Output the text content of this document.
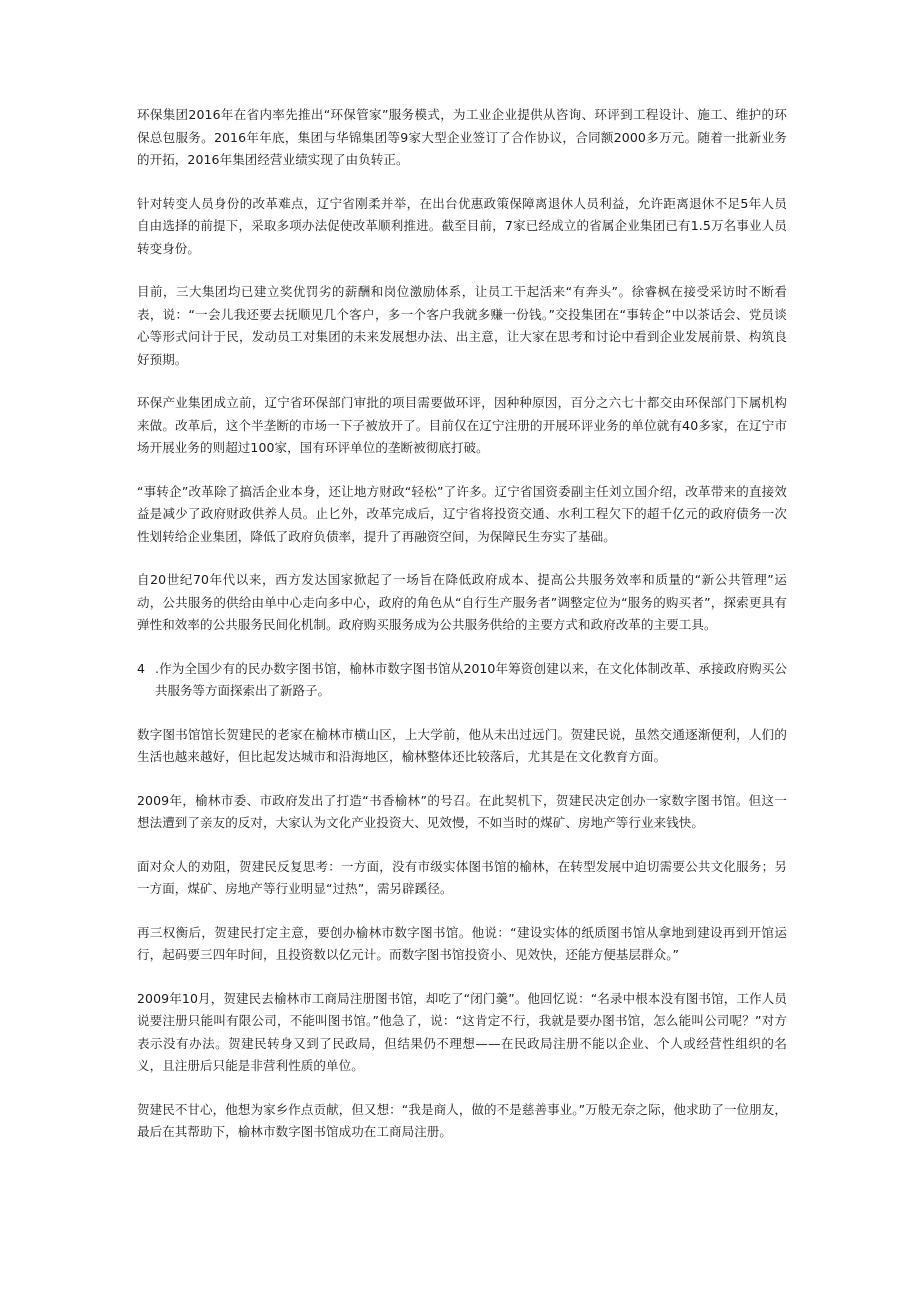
环保集团2016年在省内率先推出“环保管家”服务模式，为工业企业提供从咨询、环评到工程设计、施工、维护的环保总包服务。2016年年底，集团与华锦集团等9家大型企业签订了合作协议，合同额2000多万元。随着一批新业务的开拓，2016年集团经营业绩实现了由负转正。

针对转变人员身份的改革难点，辽宁省刚柔并举，在出台优惠政策保障离退休人员利益，允许距离退休不足5年人员自由选择的前提下，采取多项办法促使改革顺利推进。截至目前，7家已经成立的省属企业集团已有1.5万名事业人员转变身份。

目前，三大集团均已建立奖优罚劣的薪酬和岗位激励体系，让员工干起活来“有奔头”。徐睿枫在接受采访时不断看表，说：“一会儿我还要去抚顺见几个客户，多一个客户我就多赚一份钱。”交投集团在“事转企”中以茶话会、党员谈心等形式问计于民，发动员工对集团的未来发展想办法、出主意，让大家在思考和讨论中看到企业发展前景、构筑良好预期。

环保产业集团成立前，辽宁省环保部门审批的项目需要做环评，因种种原因，百分之六七十都交由环保部门下属机构来做。改革后，这个半垄断的市场一下子被放开了。目前仅在辽宁注册的开展环评业务的单位就有40多家，在辽宁市场开展业务的则超过100家，国有环评单位的垄断被彻底打破。

“事转企”改革除了搞活企业本身，还让地方财政“轻松”了许多。辽宁省国资委副主任刘立国介绍，改革带来的直接效益是减少了政府财政供养人员。止匕外，改革完成后，辽宁省将投资交通、水利工程欠下的超千亿元的政府债务一次性划转给企业集团，降低了政府负债率，提升了再融资空间，为保障民生夯实了基础。

自20世纪70年代以来，西方发达国家掀起了一场旨在降低政府成本、提高公共服务效率和质量的“新公共管理”运动，公共服务的供给由单中心走向多中心，政府的角色从“自行生产服务者”调整定位为“服务的购买者”，探索更具有弹性和效率的公共服务民间化机制。政府购买服务成为公共服务供给的主要方式和政府改革的主要工具。

4 .作为全国少有的民办数字图书馆，榆林市数字图书馆从2010年筹资创建以来，在文化体制改革、承接政府购买公共服务等方面探索出了新路子。

数字图书馆馆长贺建民的老家在榆林市横山区，上大学前，他从未出过远门。贺建民说，虽然交通逐渐便利，人们的生活也越来越好，但比起发达城市和沿海地区，榆林整体还比较落后，尤其是在文化教育方面。

2009年，榆林市委、市政府发出了打造“书香榆林”的号召。在此契机下，贺建民决定创办一家数字图书馆。但这一想法遭到了亲友的反对，大家认为文化产业投资大、见效慢，不如当时的煤矿、房地产等行业来钱快。

面对众人的劝阻，贺建民反复思考：一方面，没有市级实体图书馆的榆林，在转型发展中迫切需要公共文化服务；另一方面，煤矿、房地产等行业明显“过热”，需另辟蹊径。

再三权衡后，贺建民打定主意，要创办榆林市数字图书馆。他说：“建设实体的纸质图书馆从拿地到建设再到开馆运行，起码要三四年时间，且投资数以亿元计。而数字图书馆投资小、见效快，还能方便基层群众。”

2009年10月，贺建民去榆林市工商局注册图书馆，却吃了“闭门羹”。他回忆说：“名录中根本没有图书馆，工作人员说要注册只能叫有限公司，不能叫图书馆。”他急了，说：“这肯定不行，我就是要办图书馆，怎么能叫公司呢？”对方表示没有办法。贺建民转身又到了民政局，但结果仍不理想——在民政局注册不能以企业、个人或经营性组织的名义，且注册后只能是非营利性质的单位。

贺建民不甘心，他想为家乡作点贡献，但又想：“我是商人，做的不是慈善事业。”万般无奈之际，他求助了一位朋友，最后在其帮助下，榆林市数字图书馆成功在工商局注册。
